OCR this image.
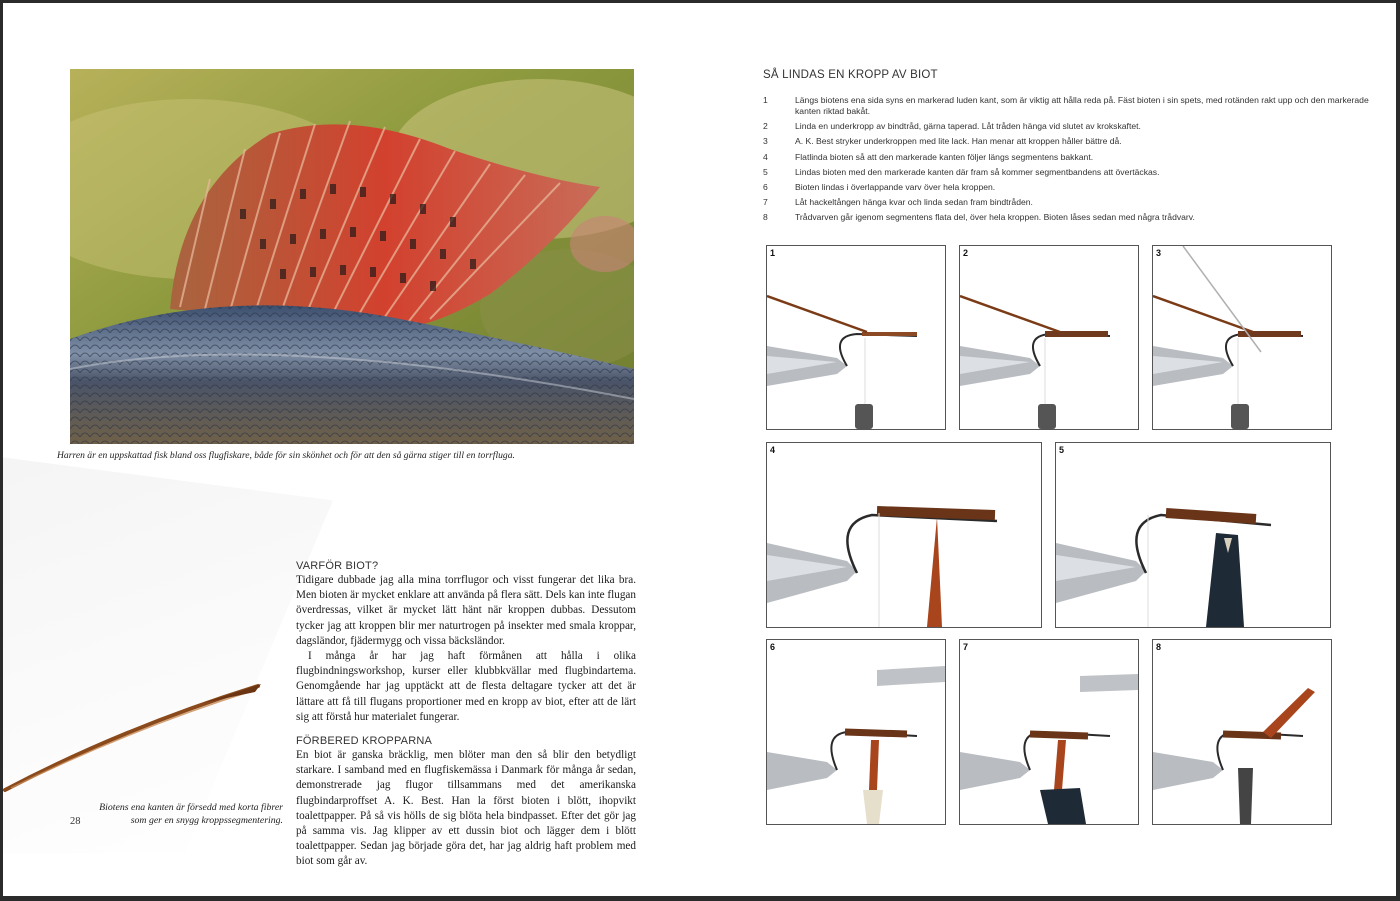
Harren är en uppskattad fisk bland oss flugfiskare, både för sin skönhet och för att den så gärna stiger till en torrfluga.

VARFÖR BIOT?

Tidigare dubbade jag alla mina torrflugor och visst fungerar det lika bra. Men bioten är mycket enklare att använda på flera sätt. Dels kan inte flugan överdressas, vilket är mycket lätt hänt när kroppen dubbas. Dessutom tycker jag att kroppen blir mer naturtrogen på insekter med smala kroppar, dagsländor, fjädermygg och vissa bäcksländor.

I många år har jag haft förmånen att hålla i olika flugbindningsworkshop, kurser eller klubbkvällar med flugbindartema. Genomgående har jag upptäckt att de flesta deltagare tycker att det är lättare att få till flugans proportioner med en kropp av biot, efter att de lärt sig att förstå hur materialet fungerar.

FÖRBERED KROPPARNA

En biot är ganska bräcklig, men blöter man den så blir den betydligt starkare. I samband med en flugfiskemässa i Danmark för många år sedan, demonstrerade jag flugor tillsammans med det amerikanska flugbindarproffset A. K. Best. Han la först bioten i blött, ihopvikt toalettpapper. På så vis hölls de sig blöta hela bindpasset. Efter det gör jag på samma vis. Jag klipper av ett dussin biot och lägger dem i blött toalettpapper. Sedan jag började göra det, har jag aldrig haft problem med biot som går av.

28
Biotens ena kanten är försedd med korta fibrer som ger en snygg kroppssegmentering.
SÅ LINDAS EN KROPP AV BIOT
1	Längs biotens ena sida syns en markerad luden kant, som är viktig att hålla reda på. Fäst bioten i sin spets, med rotänden rakt upp och den markerade kanten riktad bakåt.
2	Linda en underkropp av bindtråd, gärna taperad. Låt tråden hänga vid slutet av krokskaftet.
3	A. K. Best stryker underkroppen med lite lack. Han menar att kroppen håller bättre då.
4	Flatlinda bioten så att den markerade kanten följer längs segmentens bakkant.
5	Lindas bioten med den markerade kanten där fram så kommer segmentbandens att övertäckas.
6	Bioten lindas i överlappande varv över hela kroppen.
7	Låt hackeltången hänga kvar och linda sedan fram bindtråden.
8	Trådvarven går igenom segmentens flata del, över hela kroppen. Bioten låses sedan med några trådvarv.
1	2	3
4	5
6	7	8
